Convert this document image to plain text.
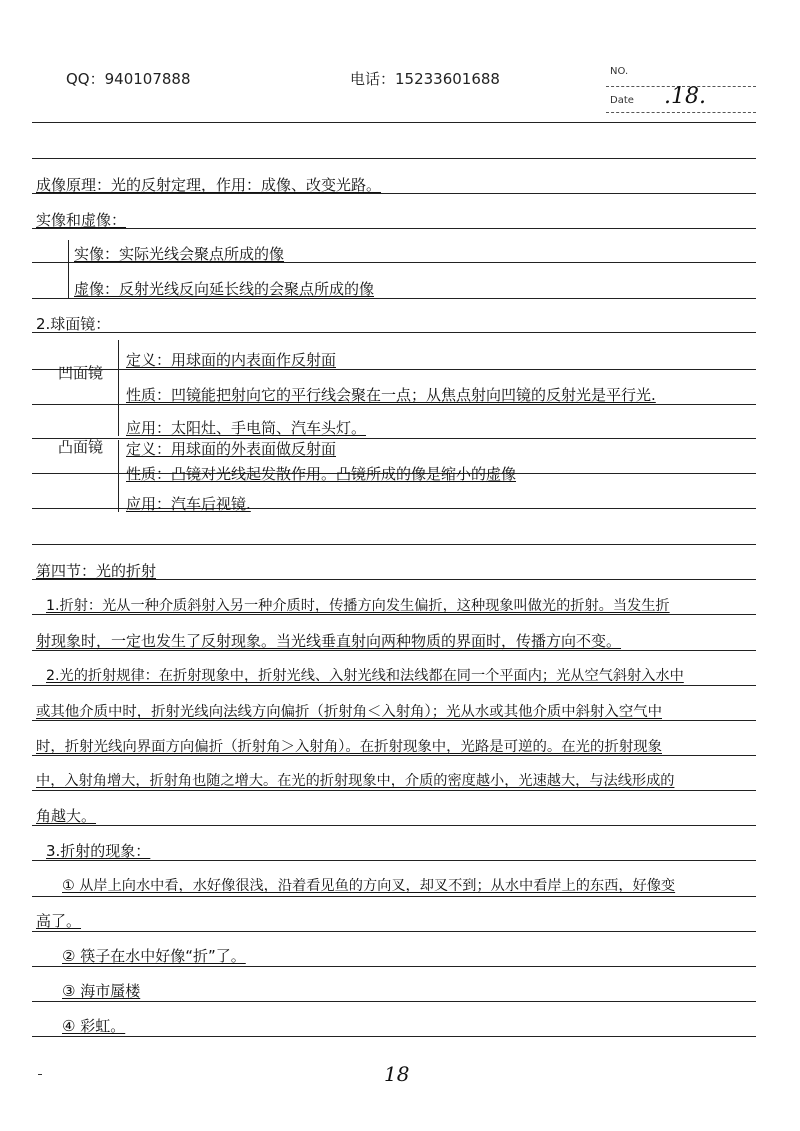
QQ：940107888	电话：15233601688	NO.
Date .18.
成像原理：光的反射定理，作用：成像、改变光路。
实像和虚像：
实像：实际光线会聚点所成的像
虚像：反射光线反向延长线的会聚点所成的像
2.球面镜：
凹面镜
定义：用球面的内表面作反射面
性质：凹镜能把射向它的平行线会聚在一点；从焦点射向凹镜的反射光是平行光.
应用：太阳灶、手电筒、汽车头灯。
凸面镜 定义：用球面的外表面做反射面
性质：凸镜对光线起发散作用。凸镜所成的像是缩小的虚像
应用：汽车后视镜.
第四节：光的折射
1.折射：光从一种介质斜射入另一种介质时，传播方向发生偏折，这种现象叫做光的折射。当发生折
射现象时，一定也发生了反射现象。当光线垂直射向两种物质的界面时，传播方向不变。
2.光的折射规律：在折射现象中，折射光线、入射光线和法线都在同一个平面内；光从空气斜射入水中
或其他介质中时，折射光线向法线方向偏折（折射角＜入射角）；光从水或其他介质中斜射入空气中
时，折射光线向界面方向偏折（折射角＞入射角）。在折射现象中，光路是可逆的。在光的折射现象
中，入射角增大，折射角也随之增大。在光的折射现象中，介质的密度越小，光速越大，与法线形成的
角越大。
3.折射的现象：
① 从岸上向水中看，水好像很浅，沿着看见鱼的方向叉，却叉不到；从水中看岸上的东西，好像变
高了。
② 筷子在水中好像“折”了。
③ 海市蜃楼
④ 彩虹。
18
